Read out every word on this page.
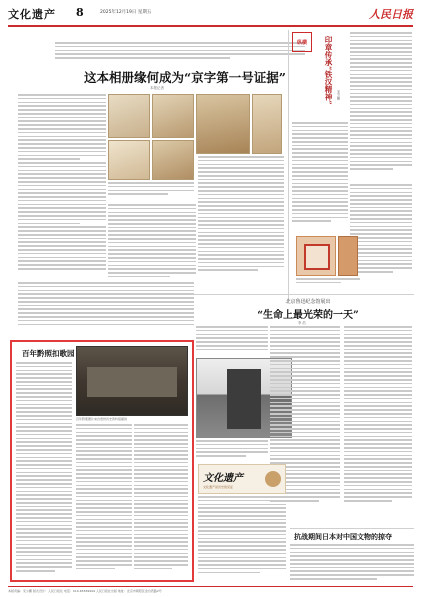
文化遗产 8	2025年12月19日 星期五	人民日报
这本相册缘何成为“京字第一号证据”
本报记者
纵横	印章传承“铁汉精神” 宋少鹏
北京鲁迅纪念馆展出
“生命上最光荣的一天”
李 浩
百年黔照扣歌园
百年黔照图片来自贵州历史资料馆提供
文化遗产
文化遗产是历史的见证
抗战期间日本对中国文物的掠夺
本版责编：宋少鹏 版式设计：人民日报社 电话：010-65369999 人民日报社出版 地址：北京市朝阳区金台西路2号
